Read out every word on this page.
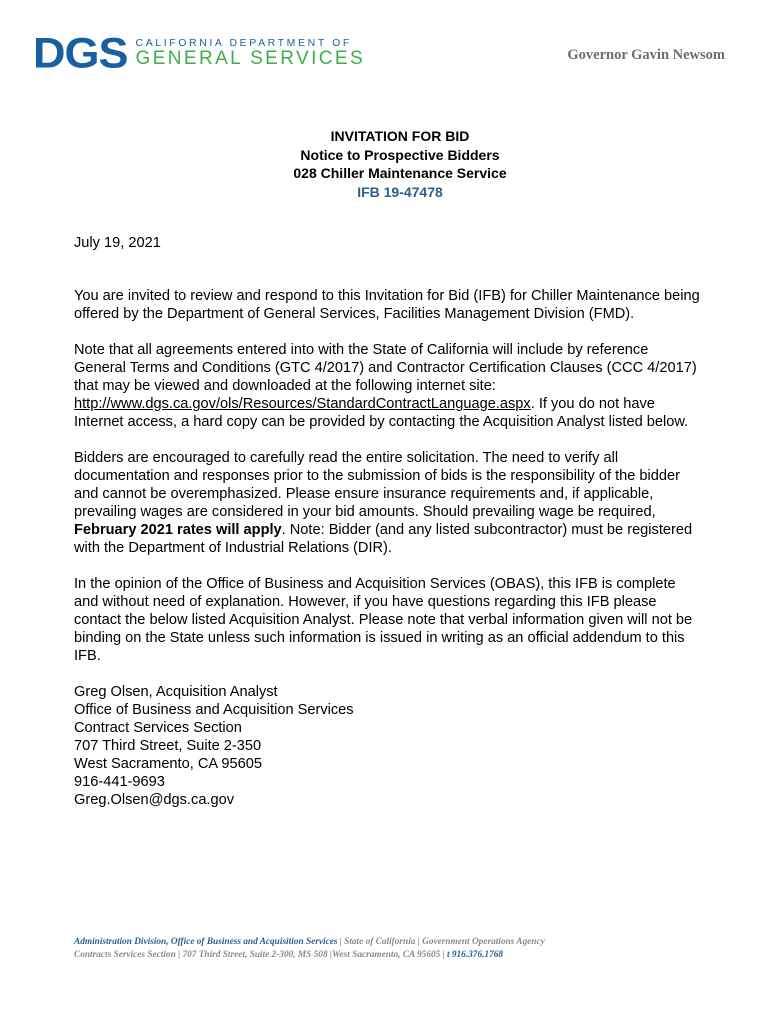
DGS CALIFORNIA DEPARTMENT OF
GENERAL SERVICES	Governor Gavin Newsom
INVITATION FOR BID
Notice to Prospective Bidders
028 Chiller Maintenance Service
IFB 19-47478

July 19, 2021

You are invited to review and respond to this Invitation for Bid (IFB) for Chiller Maintenance being offered by the Department of General Services, Facilities Management Division (FMD).

Note that all agreements entered into with the State of California will include by reference General Terms and Conditions (GTC 4/2017) and Contractor Certification Clauses (CCC 4/2017) that may be viewed and downloaded at the following internet site: http://www.dgs.ca.gov/ols/Resources/StandardContractLanguage.aspx. If you do not have Internet access, a hard copy can be provided by contacting the Acquisition Analyst listed below.

Bidders are encouraged to carefully read the entire solicitation. The need to verify all documentation and responses prior to the submission of bids is the responsibility of the bidder and cannot be overemphasized. Please ensure insurance requirements and, if applicable, prevailing wages are considered in your bid amounts. Should prevailing wage be required, February 2021 rates will apply. Note: Bidder (and any listed subcontractor) must be registered with the Department of Industrial Relations (DIR).

In the opinion of the Office of Business and Acquisition Services (OBAS), this IFB is complete and without need of explanation. However, if you have questions regarding this IFB please contact the below listed Acquisition Analyst. Please note that verbal information given will not be binding on the State unless such information is issued in writing as an official addendum to this IFB.

Greg Olsen, Acquisition Analyst
Office of Business and Acquisition Services
Contract Services Section
707 Third Street, Suite 2-350
West Sacramento, CA 95605
916-441-9693
Greg.Olsen@dgs.ca.gov
Administration Division, Office of Business and Acquisition Services | State of California | Government Operations Agency
Contracts Services Section | 707 Third Street, Suite 2-300, MS 508 |West Sacramento, CA 95605 | t 916.376.1768
